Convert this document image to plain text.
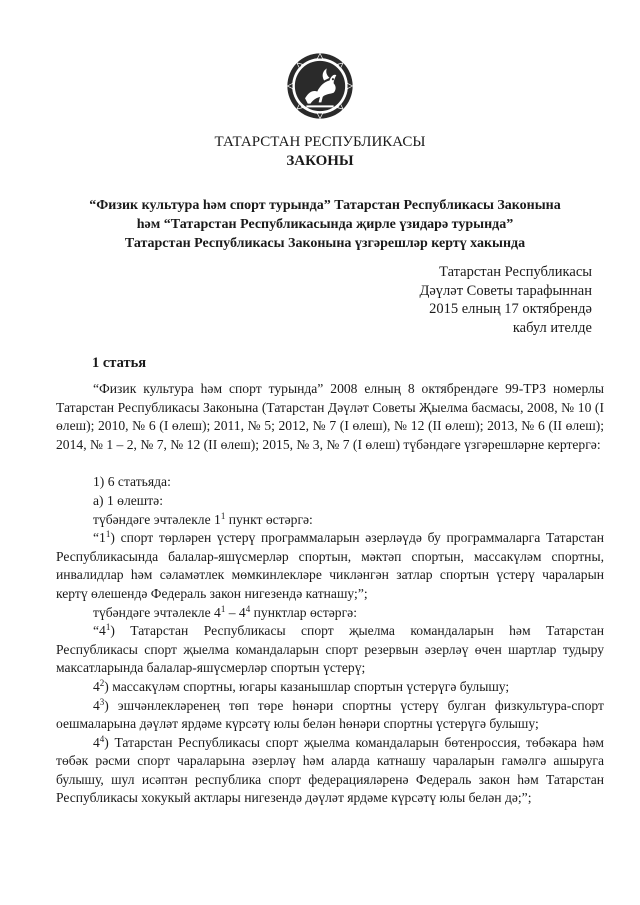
ТАТАРСТАН РЕСПУБЛИКАСЫ
ЗАКОНЫ
“Физик культура һәм спорт турында” Татарстан Республикасы Законына
һәм “Татарстан Республикасында җирле үзидарә турында”
Татарстан Республикасы Законына үзгәрешләр кертү хакында
Татарстан Республикасы
Дәүләт Советы тарафыннан
2015 елның 17 октябрендә
кабул ителде
1 статья

“Физик культура һәм спорт турында” 2008 елның 8 октябрендәге 99-ТРЗ номерлы Татарстан Республикасы Законына (Татарстан Дәүләт Советы Җыелма басмасы, 2008, № 10 (I өлеш); 2010, № 6 (I өлеш); 2011, № 5; 2012, № 7 (I өлеш), № 12 (II өлеш); 2013, № 6 (II өлеш); 2014, № 1 – 2, № 7, № 12 (II өлеш); 2015, № 3, № 7 (I өлеш) түбәндәге үзгәрешләрне кертергә:

1) 6 статьяда:

а) 1 өлештә:

түбәндәге эчтәлекле $1^1$ пункт өстәргә:

“$1^1$) спорт төрләрен үстерү программаларын әзерләүдә бу программаларга Татарстан Республикасында балалар-яшүсмерләр спортын, мәктәп спортын, массакүләм спортны, инвалидлар һәм сәламәтлек мөмкинлекләре чикләнгән затлар спортын үстерү чараларын кертү өлешендә Федераль закон нигезендә катнашу;”;

түбәндәге эчтәлекле $4^1 - 4^4$ пунктлар өстәргә:

“$4^1$) Татарстан Республикасы спорт җыелма командаларын һәм Татарстан Республикасы спорт җыелма командаларын спорт резервын әзерләү өчен шартлар тудыру максатларында балалар-яшүсмерләр спортын үстерү;

$4^2$) массакүләм спортны, югары казанышлар спортын үстерүгә булышу;

$4^3$) эшчәнлекләренең төп төре һөнәри спортны үстерү булган физкультура-спорт оешмаларына дәүләт ярдәме күрсәтү юлы белән һөнәри спортны үстерүгә булышу;

$4^4$) Татарстан Республикасы спорт җыелма командаларын бөтенроссия, төбәкара һәм төбәк рәсми спорт чараларына әзерләү һәм аларда катнашу чараларын гамәлгә ашыруга булышу, шул исәптән республика спорт федерацияләренә Федераль закон һәм Татарстан Республикасы хокукый актлары нигезендә дәүләт ярдәме күрсәтү юлы белән дә;”;
